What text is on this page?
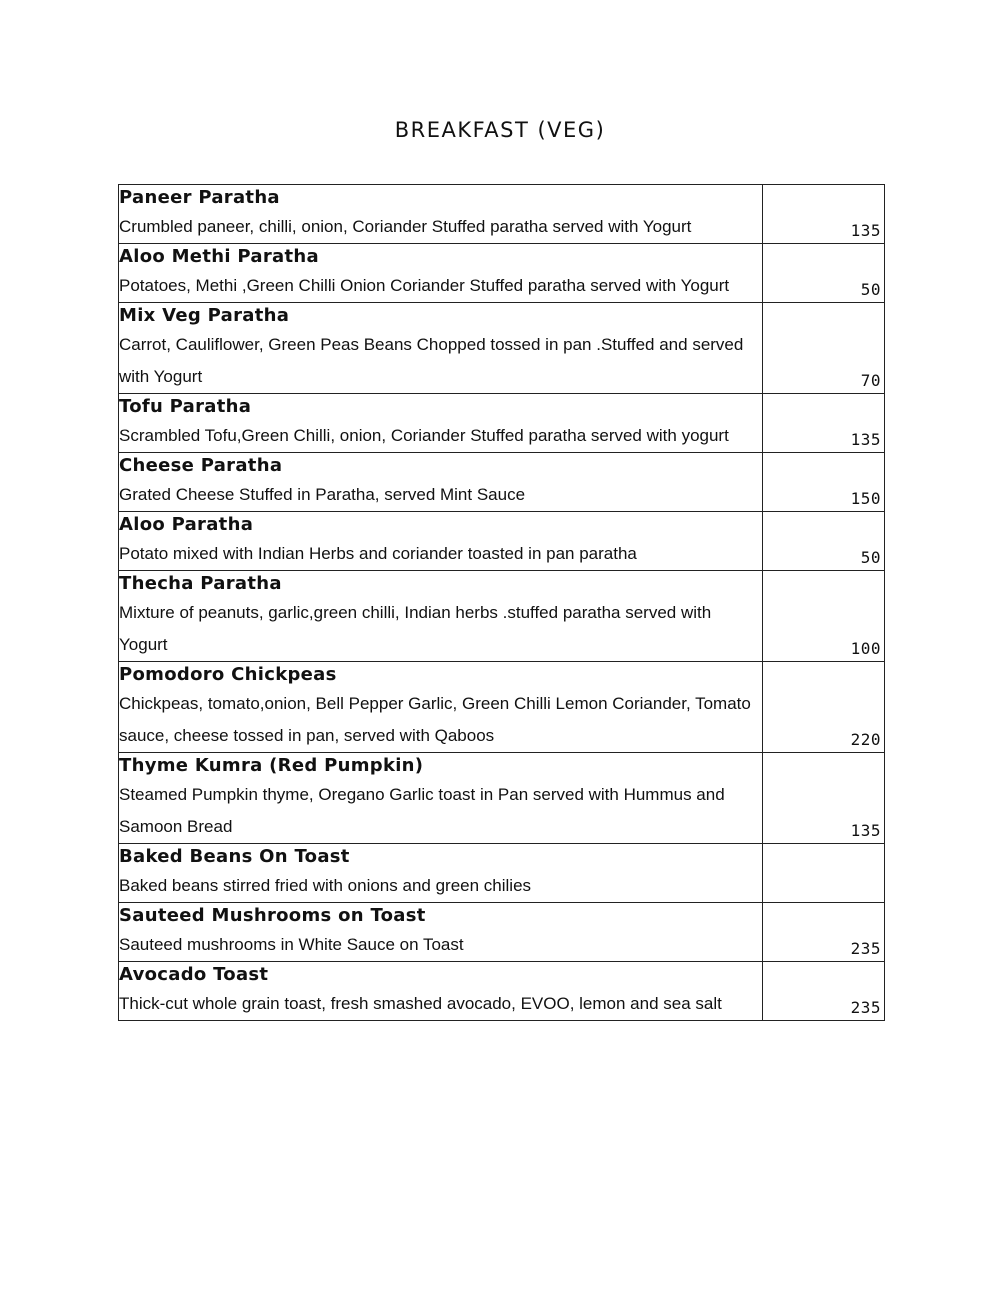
BREAKFAST (VEG)
Paneer Paratha
Crumbled paneer, chilli, onion, Coriander Stuffed paratha served with Yogurt	135

Aloo Methi Paratha
Potatoes, Methi ,Green Chilli Onion Coriander Stuffed paratha served with Yogurt	50

Mix Veg Paratha
Carrot, Cauliflower, Green Peas Beans Chopped tossed in pan .Stuffed and served with Yogurt	70

Tofu Paratha
Scrambled Tofu,Green Chilli, onion, Coriander Stuffed paratha served with yogurt	135

Cheese Paratha
Grated Cheese Stuffed in Paratha, served Mint Sauce	150

Aloo Paratha
Potato mixed with Indian Herbs and coriander toasted in pan paratha	50

Thecha Paratha
Mixture of peanuts, garlic,green chilli, Indian herbs .stuffed paratha served with Yogurt	100

Pomodoro Chickpeas
Chickpeas, tomato,onion, Bell Pepper Garlic, Green Chilli Lemon Coriander, Tomato sauce, cheese tossed in pan, served with Qaboos	220

Thyme Kumra (Red Pumpkin)
Steamed Pumpkin thyme, Oregano Garlic toast in Pan served with Hummus and Samoon Bread	135

Baked Beans On Toast
Baked beans stirred fried with onions and green chilies	

Sauteed Mushrooms on Toast
Sauteed mushrooms in White Sauce on Toast	235

Avocado Toast
Thick-cut whole grain toast, fresh smashed avocado, EVOO, lemon and sea salt	235
